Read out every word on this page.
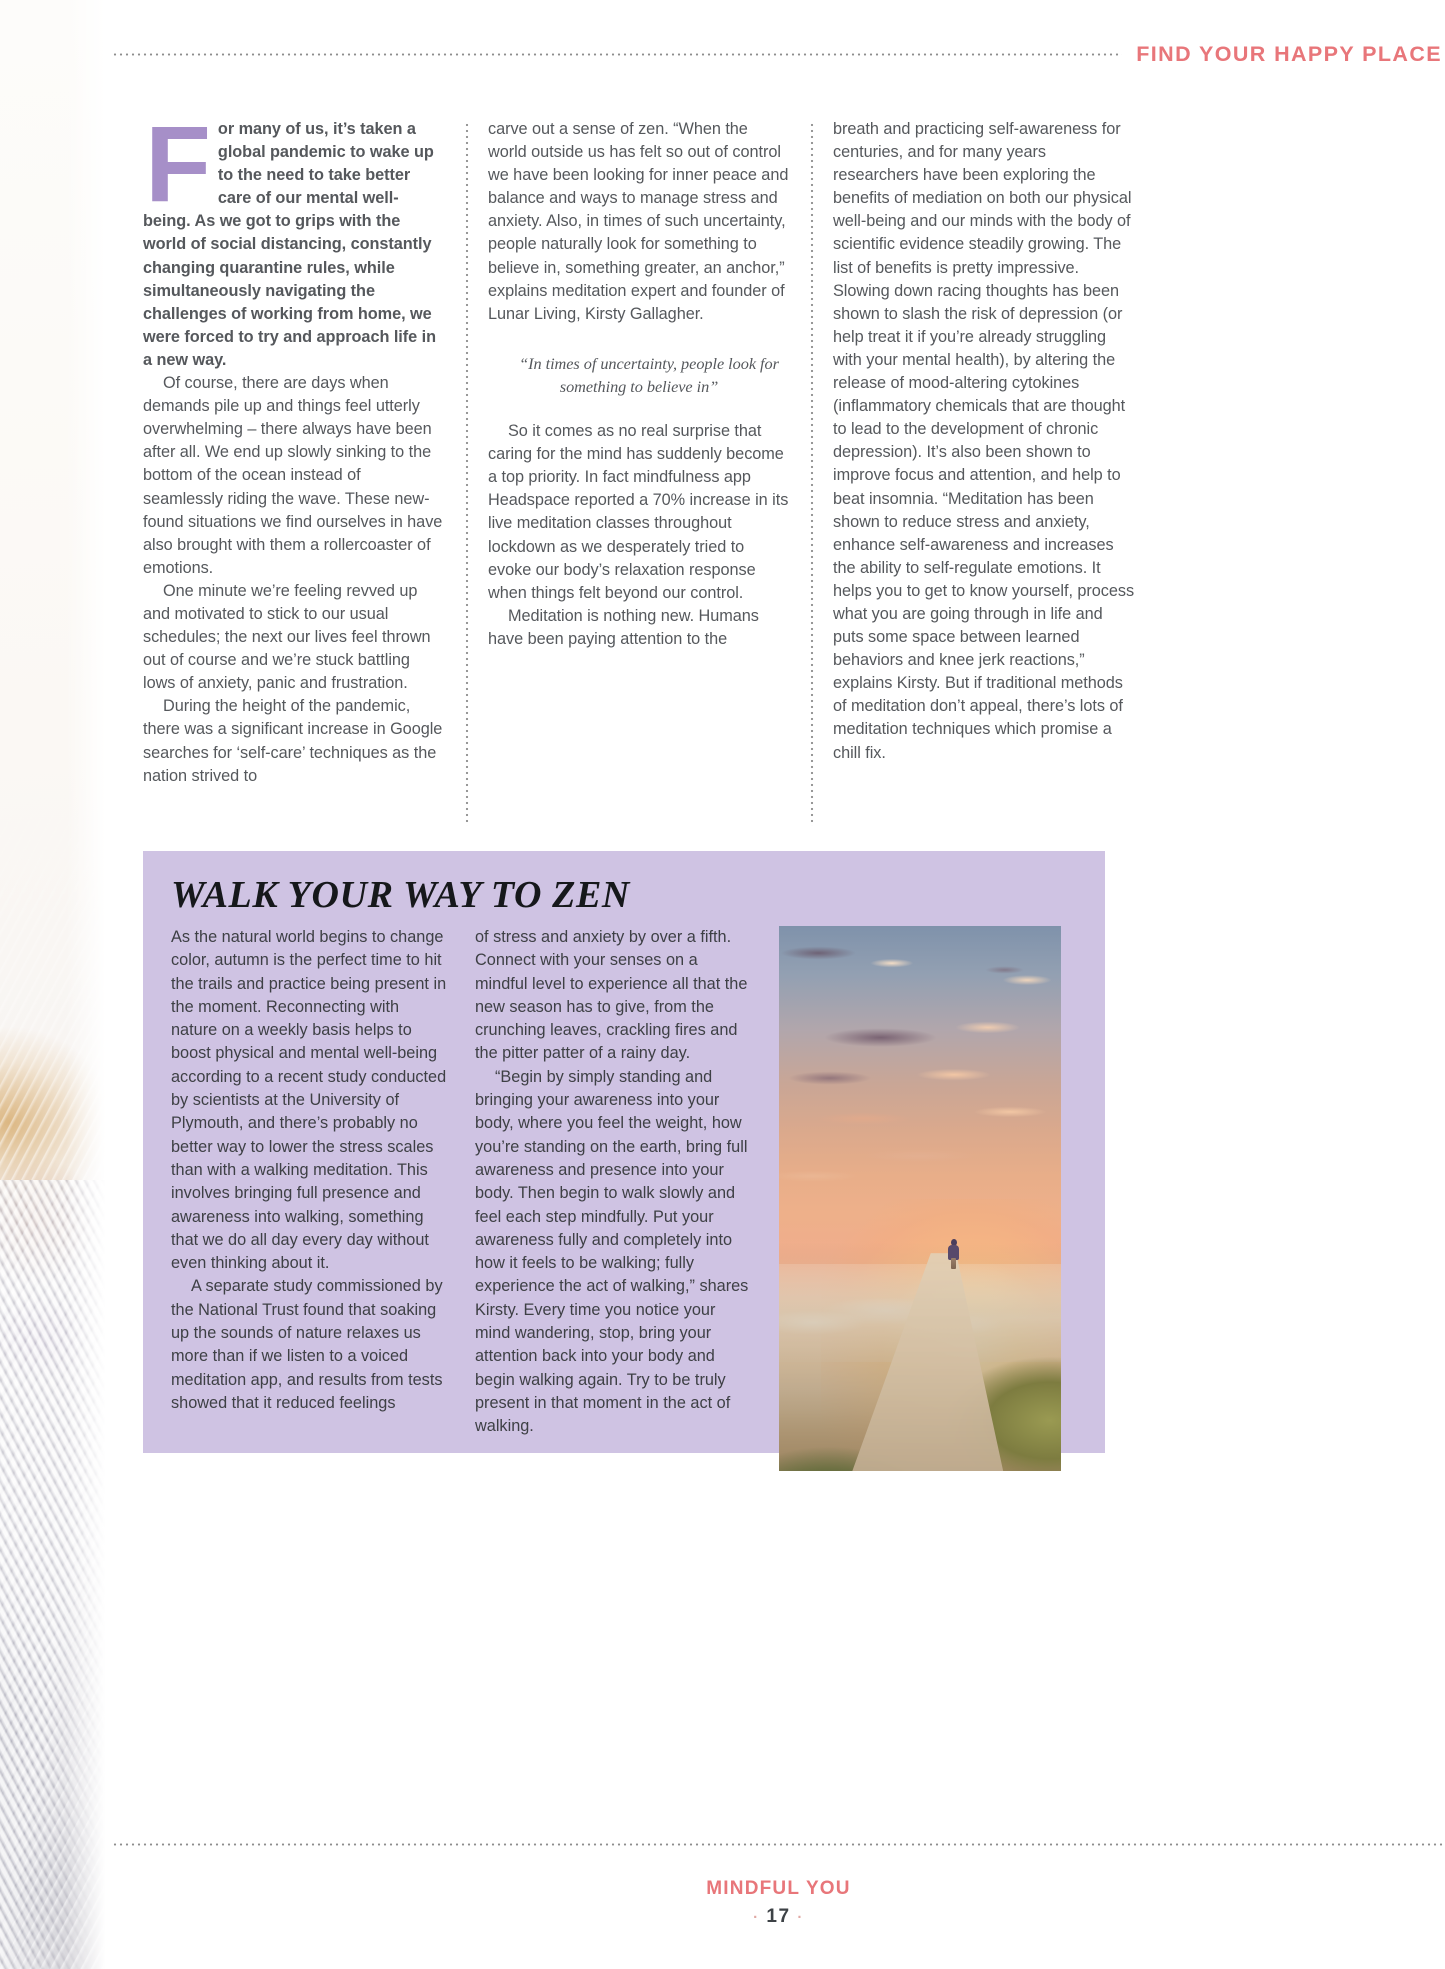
FIND YOUR HAPPY PLACE

For many of us, it’s taken a global pandemic to wake up to the need to take better care of our mental well-being. As we got to grips with the world of social distancing, constantly changing quarantine rules, while simultaneously navigating the challenges of working from home, we were forced to try and approach life in a new way.

Of course, there are days when demands pile up and things feel utterly overwhelming – there always have been after all. We end up slowly sinking to the bottom of the ocean instead of seamlessly riding the wave. These new-found situations we find ourselves in have also brought with them a rollercoaster of emotions.

One minute we’re feeling revved up and motivated to stick to our usual schedules; the next our lives feel thrown out of course and we’re stuck battling lows of anxiety, panic and frustration.

During the height of the pandemic, there was a significant increase in Google searches for ‘self-care’ techniques as the nation strived to

carve out a sense of zen. “When the world outside us has felt so out of control we have been looking for inner peace and balance and ways to manage stress and anxiety. Also, in times of such uncertainty, people naturally look for something to believe in, something greater, an anchor,” explains meditation expert and founder of Lunar Living, Kirsty Gallagher.

“In times of uncertainty, people look for something to believe in”

So it comes as no real surprise that caring for the mind has suddenly become a top priority. In fact mindfulness app Headspace reported a 70% increase in its live meditation classes throughout lockdown as we desperately tried to evoke our body’s relaxation response when things felt beyond our control.

Meditation is nothing new. Humans have been paying attention to the

breath and practicing self-awareness for centuries, and for many years researchers have been exploring the benefits of mediation on both our physical well-being and our minds with the body of scientific evidence steadily growing. The list of benefits is pretty impressive. Slowing down racing thoughts has been shown to slash the risk of depression (or help treat it if you’re already struggling with your mental health), by altering the release of mood-altering cytokines (inflammatory chemicals that are thought to lead to the development of chronic depression). It’s also been shown to improve focus and attention, and help to beat insomnia. “Meditation has been shown to reduce stress and anxiety, enhance self-awareness and increases the ability to self-regulate emotions. It helps you to get to know yourself, process what you are going through in life and puts some space between learned behaviors and knee jerk reactions,” explains Kirsty. But if traditional methods of meditation don’t appeal, there’s lots of meditation techniques which promise a chill fix.

WALK YOUR WAY TO ZEN

As the natural world begins to change color, autumn is the perfect time to hit the trails and practice being present in the moment. Reconnecting with nature on a weekly basis helps to boost physical and mental well-being according to a recent study conducted by scientists at the University of Plymouth, and there’s probably no better way to lower the stress scales than with a walking meditation. This involves bringing full presence and awareness into walking, something that we do all day every day without even thinking about it.

A separate study commissioned by the National Trust found that soaking up the sounds of nature relaxes us more than if we listen to a voiced meditation app, and results from tests showed that it reduced feelings

of stress and anxiety by over a fifth. Connect with your senses on a mindful level to experience all that the new season has to give, from the crunching leaves, crackling fires and the pitter patter of a rainy day.

“Begin by simply standing and bringing your awareness into your body, where you feel the weight, how you’re standing on the earth, bring full awareness and presence into your body. Then begin to walk slowly and feel each step mindfully. Put your awareness fully and completely into how it feels to be walking; fully experience the act of walking,” shares Kirsty. Every time you notice your mind wandering, stop, bring your attention back into your body and begin walking again. Try to be truly present in that moment in the act of walking.

MINDFUL YOU
· 17 ·
